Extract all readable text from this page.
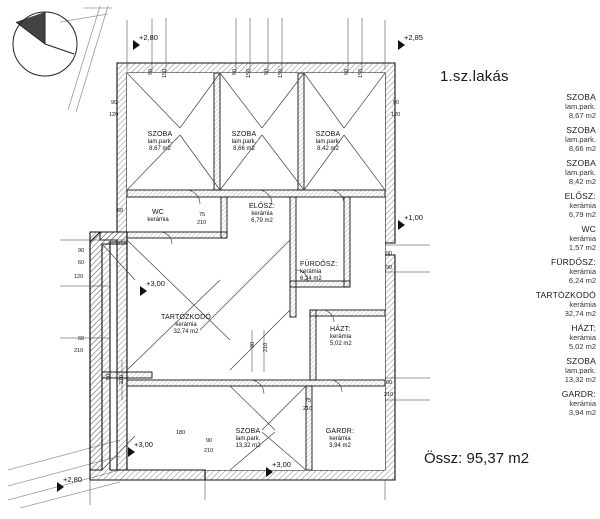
SZOBA
lam.park.
8,67 m2
SZOBA
lam.park.
8,66 m2
SZOBA
lam.park.
8,42 m2
WC
kerámia
ELŐSZ:
kerámia
6,79 m2
FÜRDŐSZ:
kerámia
6,24 m2
TARTÓZKODÓ
kerámia
32,74 m2	HÁZT:
kerámia
5,02 m2
SZOBA
lam.park.
13,32 m2
GARDR:
kerámia
3,94 m2
+2,80	+2,85
+1,00
+3,00
+3,00
+3,00
+2,80
90
120
90
120
60
75
210
90
60
120
90
90
60
210
60
210
75
210
180
90
210
90 150	90 150 90 150	90 150
90 210
90 210
1.sz.lakás
SZOBA
lam.park.
8,67 m2
SZOBA
lam.park.
8,66 m2
SZOBA
lam.park.
8,42 m2
ELŐSZ:
kerámia
6,79 m2
WC
kerámia
1,57 m2
FÜRDŐSZ:
kerámia
6,24 m2
TARTÓZKODÓ
kerámia
32,74 m2
HÁZT:
kerámia
5,02 m2
SZOBA
lam.park.
13,32 m2
GARDR:
kerámia
3,94 m2
Össz: 95,37 m2
